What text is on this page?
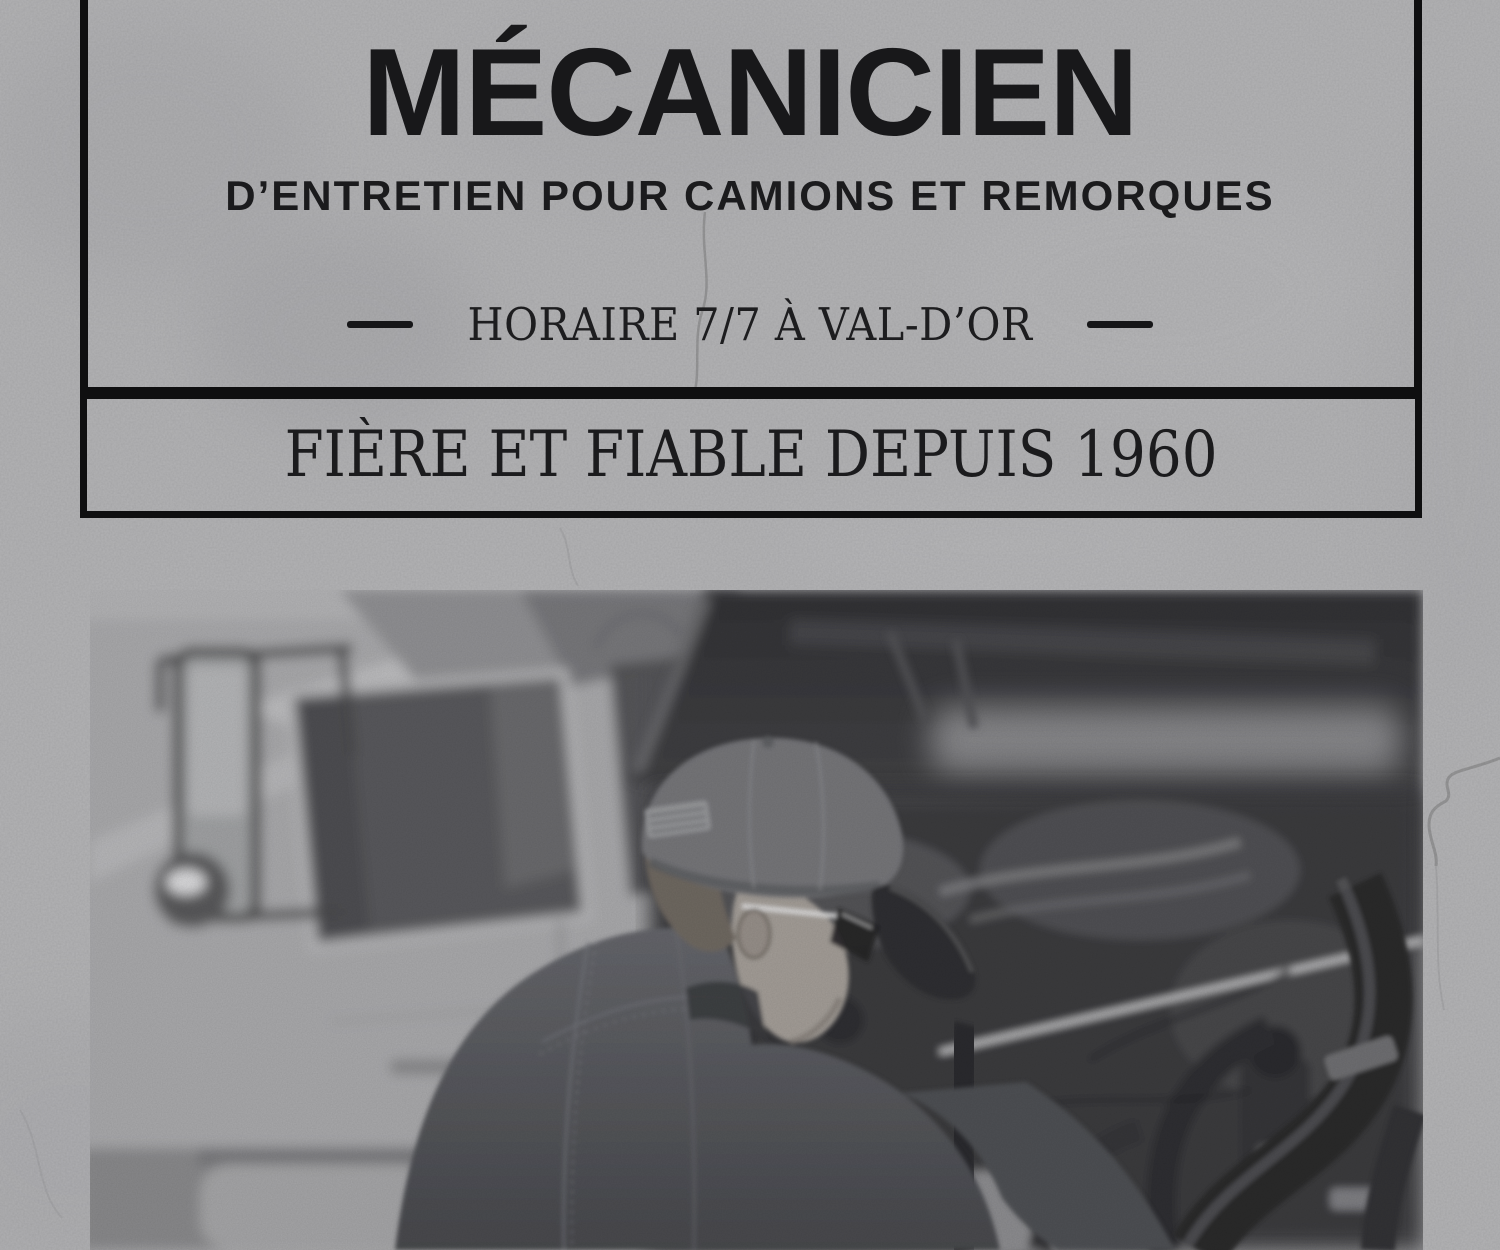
MÉCANICIEN
D’ENTRETIEN POUR CAMIONS ET REMORQUES
HORAIRE 7/7 À VAL-D’OR
FIÈRE ET FIABLE DEPUIS 1960
